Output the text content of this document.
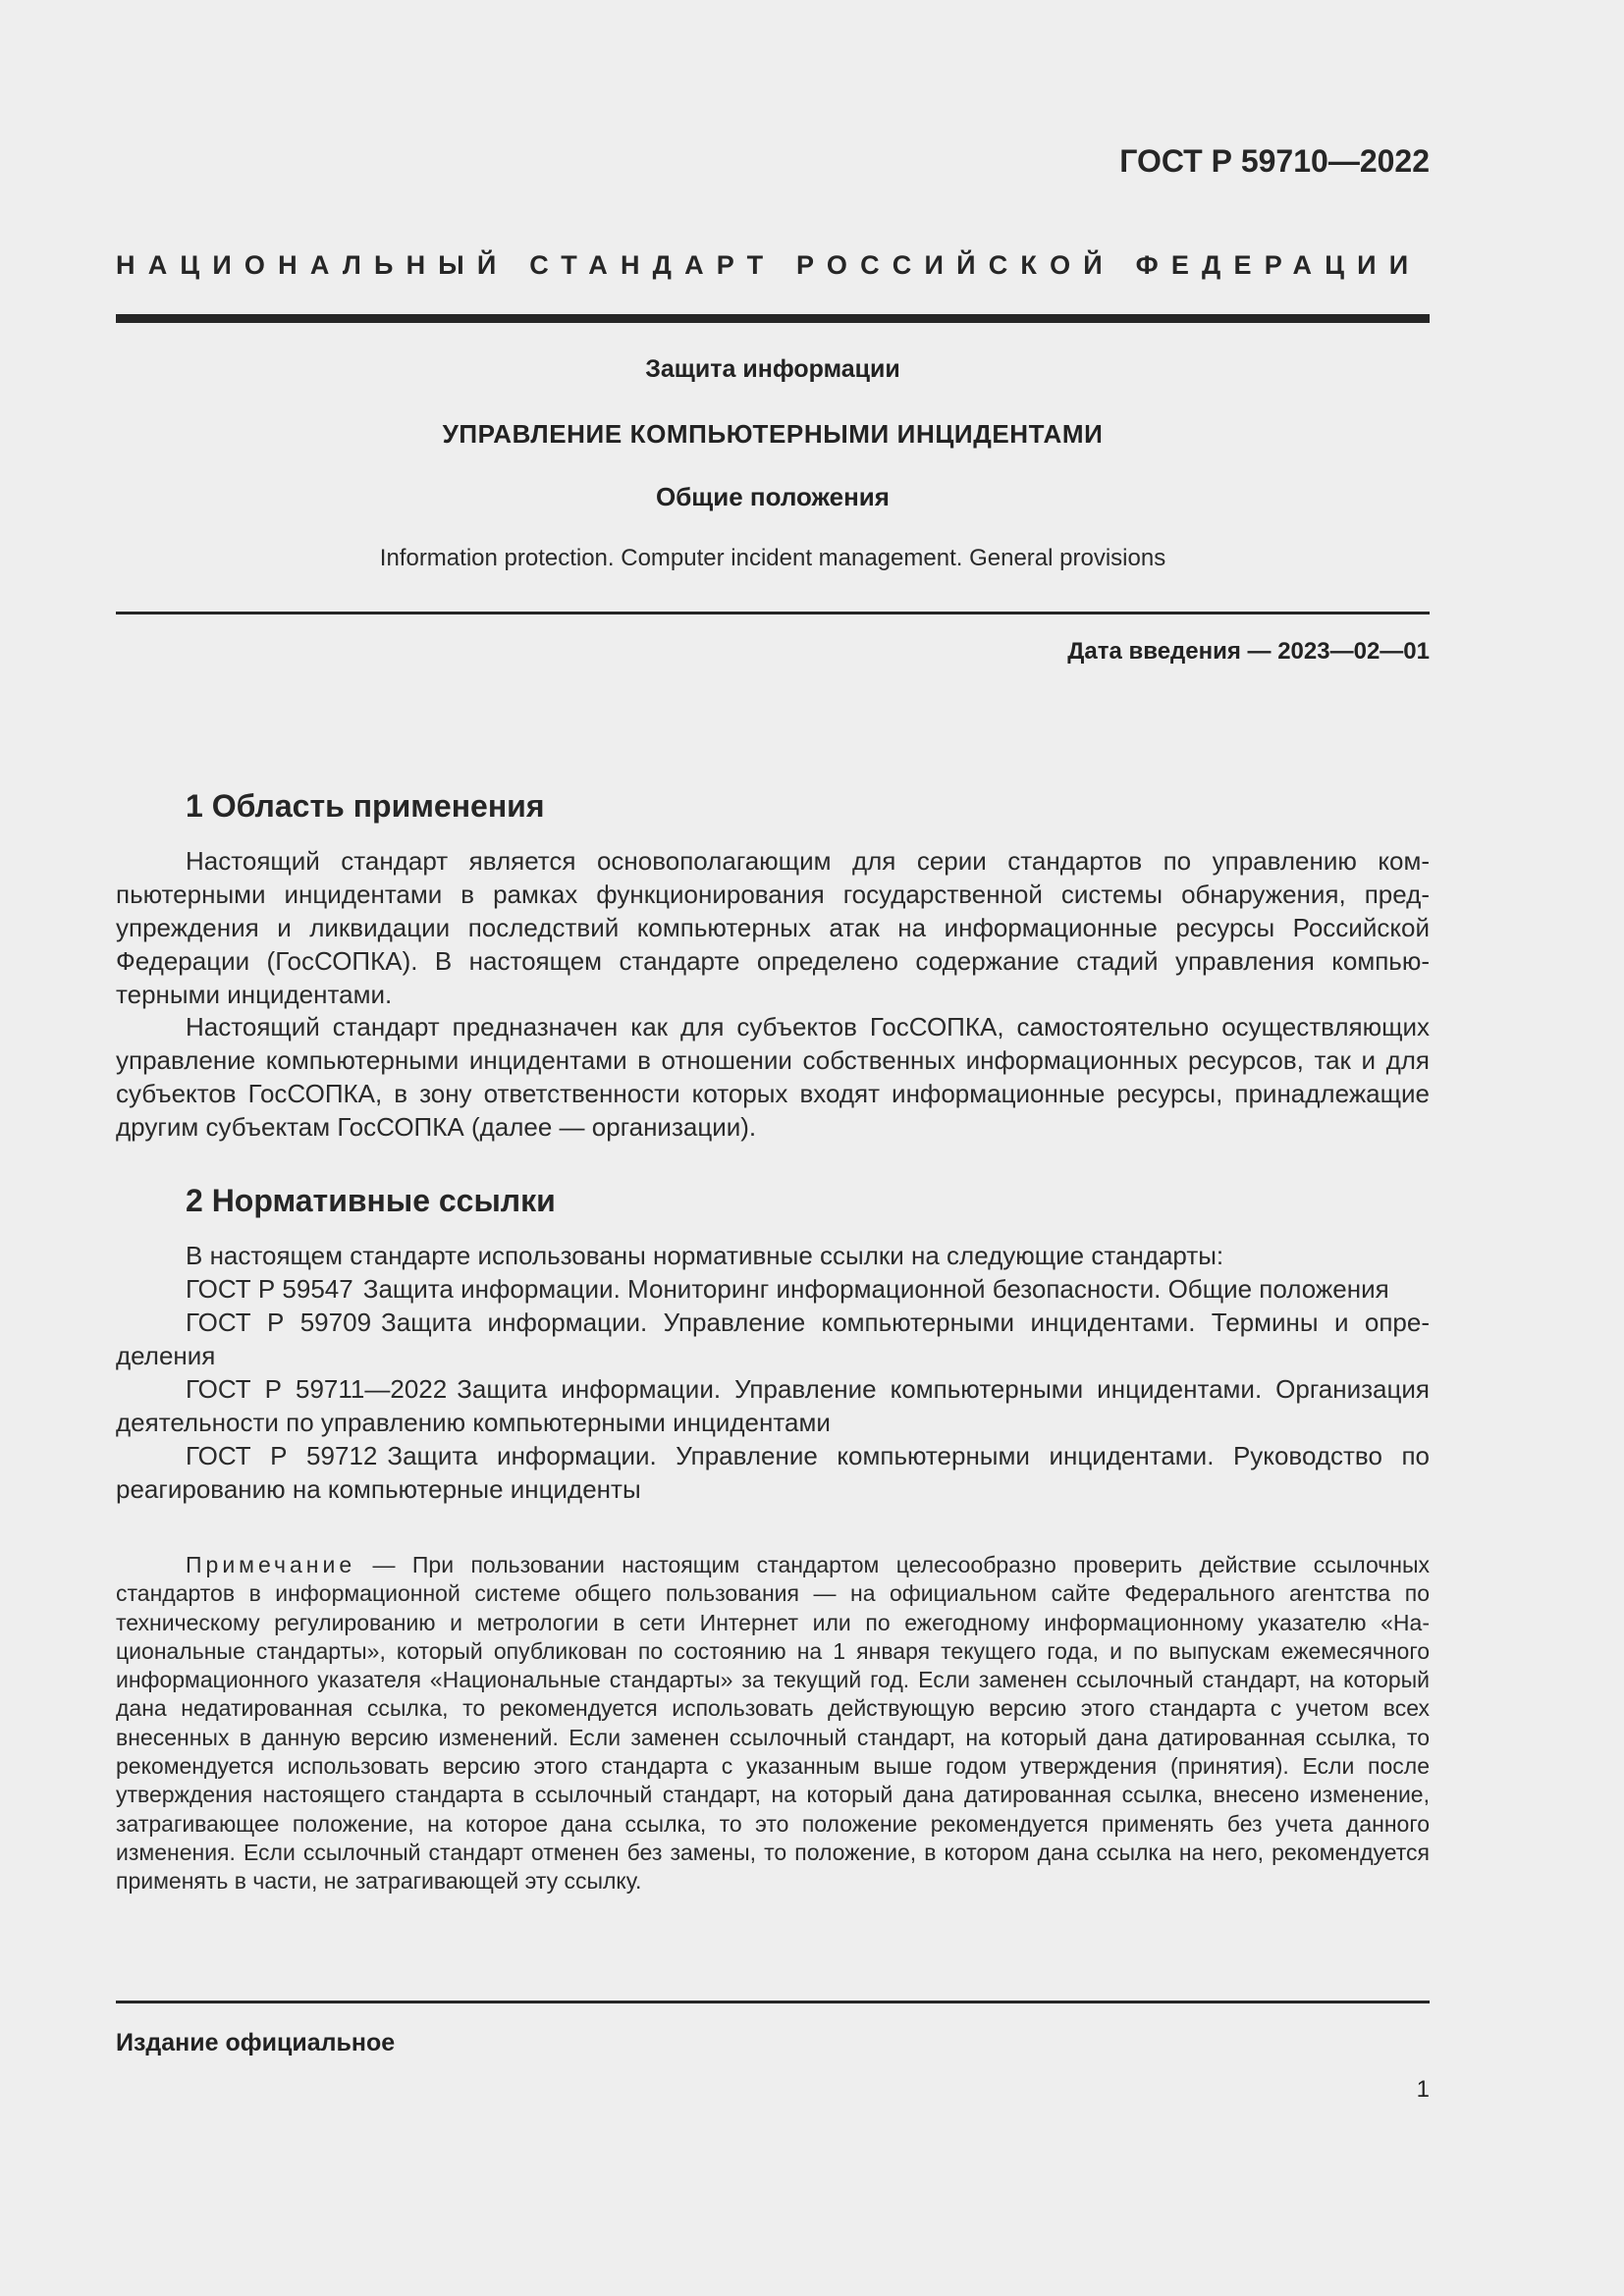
ГОСТ Р 59710—2022

НАЦИОНАЛЬНЫЙ СТАНДАРТ РОССИЙСКОЙ ФЕДЕРАЦИИ

Защита информации

УПРАВЛЕНИЕ КОМПЬЮТЕРНЫМИ ИНЦИДЕНТАМИ

Общие положения

Information protection. Computer incident management. General provisions

Дата введения — 2023—02—01

1 Область применения

Настоящий стандарт является основополагающим для серии стандартов по управлению компьютерными инцидентами в рамках функционирования государственной системы обнаружения, предупреждения и ликвидации последствий компьютерных атак на информационные ресурсы Российской Федерации (ГосСОПКА). В настоящем стандарте определено содержание стадий управления компьютерными инцидентами.

Настоящий стандарт предназначен как для субъектов ГосСОПКА, самостоятельно осуществляющих управление компьютерными инцидентами в отношении собственных информационных ресурсов, так и для субъектов ГосСОПКА, в зону ответственности которых входят информационные ресурсы, принадлежащие другим субъектам ГосСОПКА (далее — организации).

2 Нормативные ссылки

В настоящем стандарте использованы нормативные ссылки на следующие стандарты:

ГОСТ Р 59547 Защита информации. Мониторинг информационной безопасности. Общие положения

ГОСТ Р 59709 Защита информации. Управление компьютерными инцидентами. Термины и определения

ГОСТ Р 59711—2022 Защита информации. Управление компьютерными инцидентами. Организация деятельности по управлению компьютерными инцидентами

ГОСТ Р 59712 Защита информации. Управление компьютерными инцидентами. Руководство по реагированию на компьютерные инциденты

Примечание — При пользовании настоящим стандартом целесообразно проверить действие ссылочных стандартов в информационной системе общего пользования — на официальном сайте Федерального агентства по техническому регулированию и метрологии в сети Интернет или по ежегодному информационному указателю «Национальные стандарты», который опубликован по состоянию на 1 января текущего года, и по выпускам ежемесячного информационного указателя «Национальные стандарты» за текущий год. Если заменен ссылочный стандарт, на который дана недатированная ссылка, то рекомендуется использовать действующую версию этого стандарта с учетом всех внесенных в данную версию изменений. Если заменен ссылочный стандарт, на который дана датированная ссылка, то рекомендуется использовать версию этого стандарта с указанным выше годом утверждения (принятия). Если после утверждения настоящего стандарта в ссылочный стандарт, на который дана датированная ссылка, внесено изменение, затрагивающее положение, на которое дана ссылка, то это положение рекомендуется применять без учета данного изменения. Если ссылочный стандарт отменен без замены, то положение, в котором дана ссылка на него, рекомендуется применять в части, не затрагивающей эту ссылку.

Издание официальное

1
